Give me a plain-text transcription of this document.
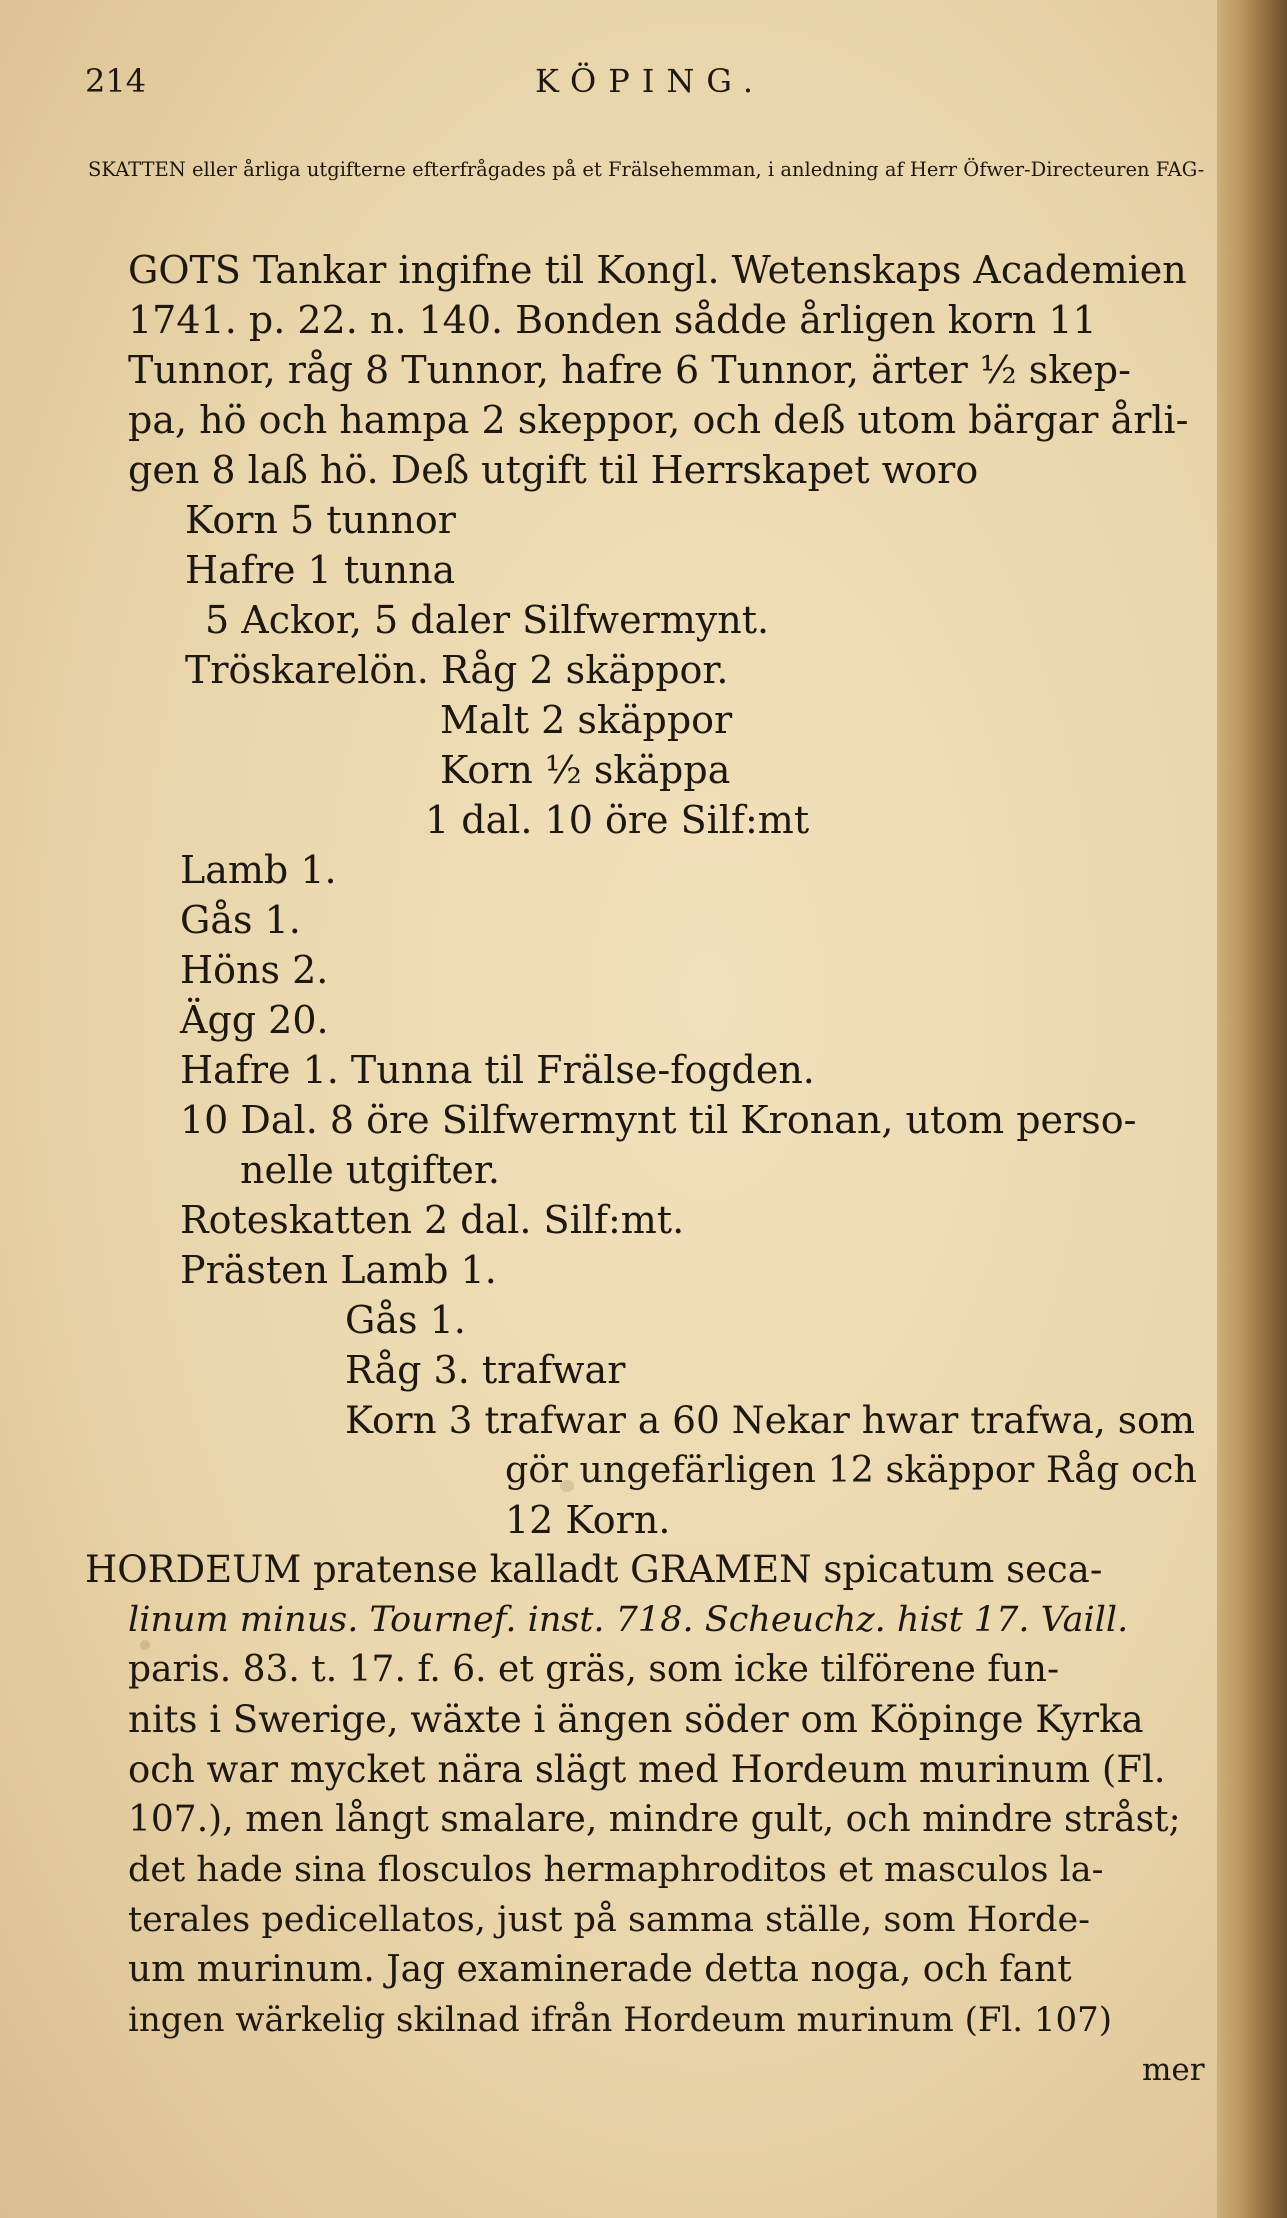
214	KÖPING.
SKATTEN eller årliga utgifterne efterfrågades på et Frälsehemman, i anledning af Herr Öfwer-Directeuren FAG-
GOTS Tankar ingifne til Kongl. Wetenskaps Academien
1741. p. 22. n. 140. Bonden sådde årligen korn 11
Tunnor, råg 8 Tunnor, hafre 6 Tunnor, ärter ½ skep-
pa, hö och hampa 2 skeppor, och deß utom bärgar årli-
gen 8 laß hö. Deß utgift til Herrskapet woro
Korn 5 tunnor
Hafre 1 tunna
5 Ackor, 5 daler Silfwermynt.
Tröskarelön. Råg 2 skäppor.
Malt 2 skäppor
Korn ½ skäppa
1 dal. 10 öre Silf:mt
Lamb 1.
Gås 1.
Höns 2.
Ägg 20.
Hafre 1. Tunna til Frälse-fogden.
10 Dal. 8 öre Silfwermynt til Kronan, utom perso-
nelle utgifter.
Roteskatten 2 dal. Silf:mt.
Prästen Lamb 1.
Gås 1.
Råg 3. trafwar
Korn 3 trafwar a 60 Nekar hwar trafwa, som
gör ungefärligen 12 skäppor Råg och
12 Korn.
HORDEUM pratense kalladt GRAMEN spicatum seca-
linum minus. Tournef. inst. 718. Scheuchz. hist 17. Vaill.
paris. 83. t. 17. f. 6. et gräs, som icke tilförene fun-
nits i Swerige, wäxte i ängen söder om Köpinge Kyrka
och war mycket nära slägt med Hordeum murinum (Fl.
107.), men långt smalare, mindre gult, och mindre stråst;
det hade sina flosculos hermaphroditos et masculos la-
terales pedicellatos, just på samma ställe, som Horde-
um murinum. Jag examinerade detta noga, och fant
ingen wärkelig skilnad ifrån Hordeum murinum (Fl. 107)
mer
